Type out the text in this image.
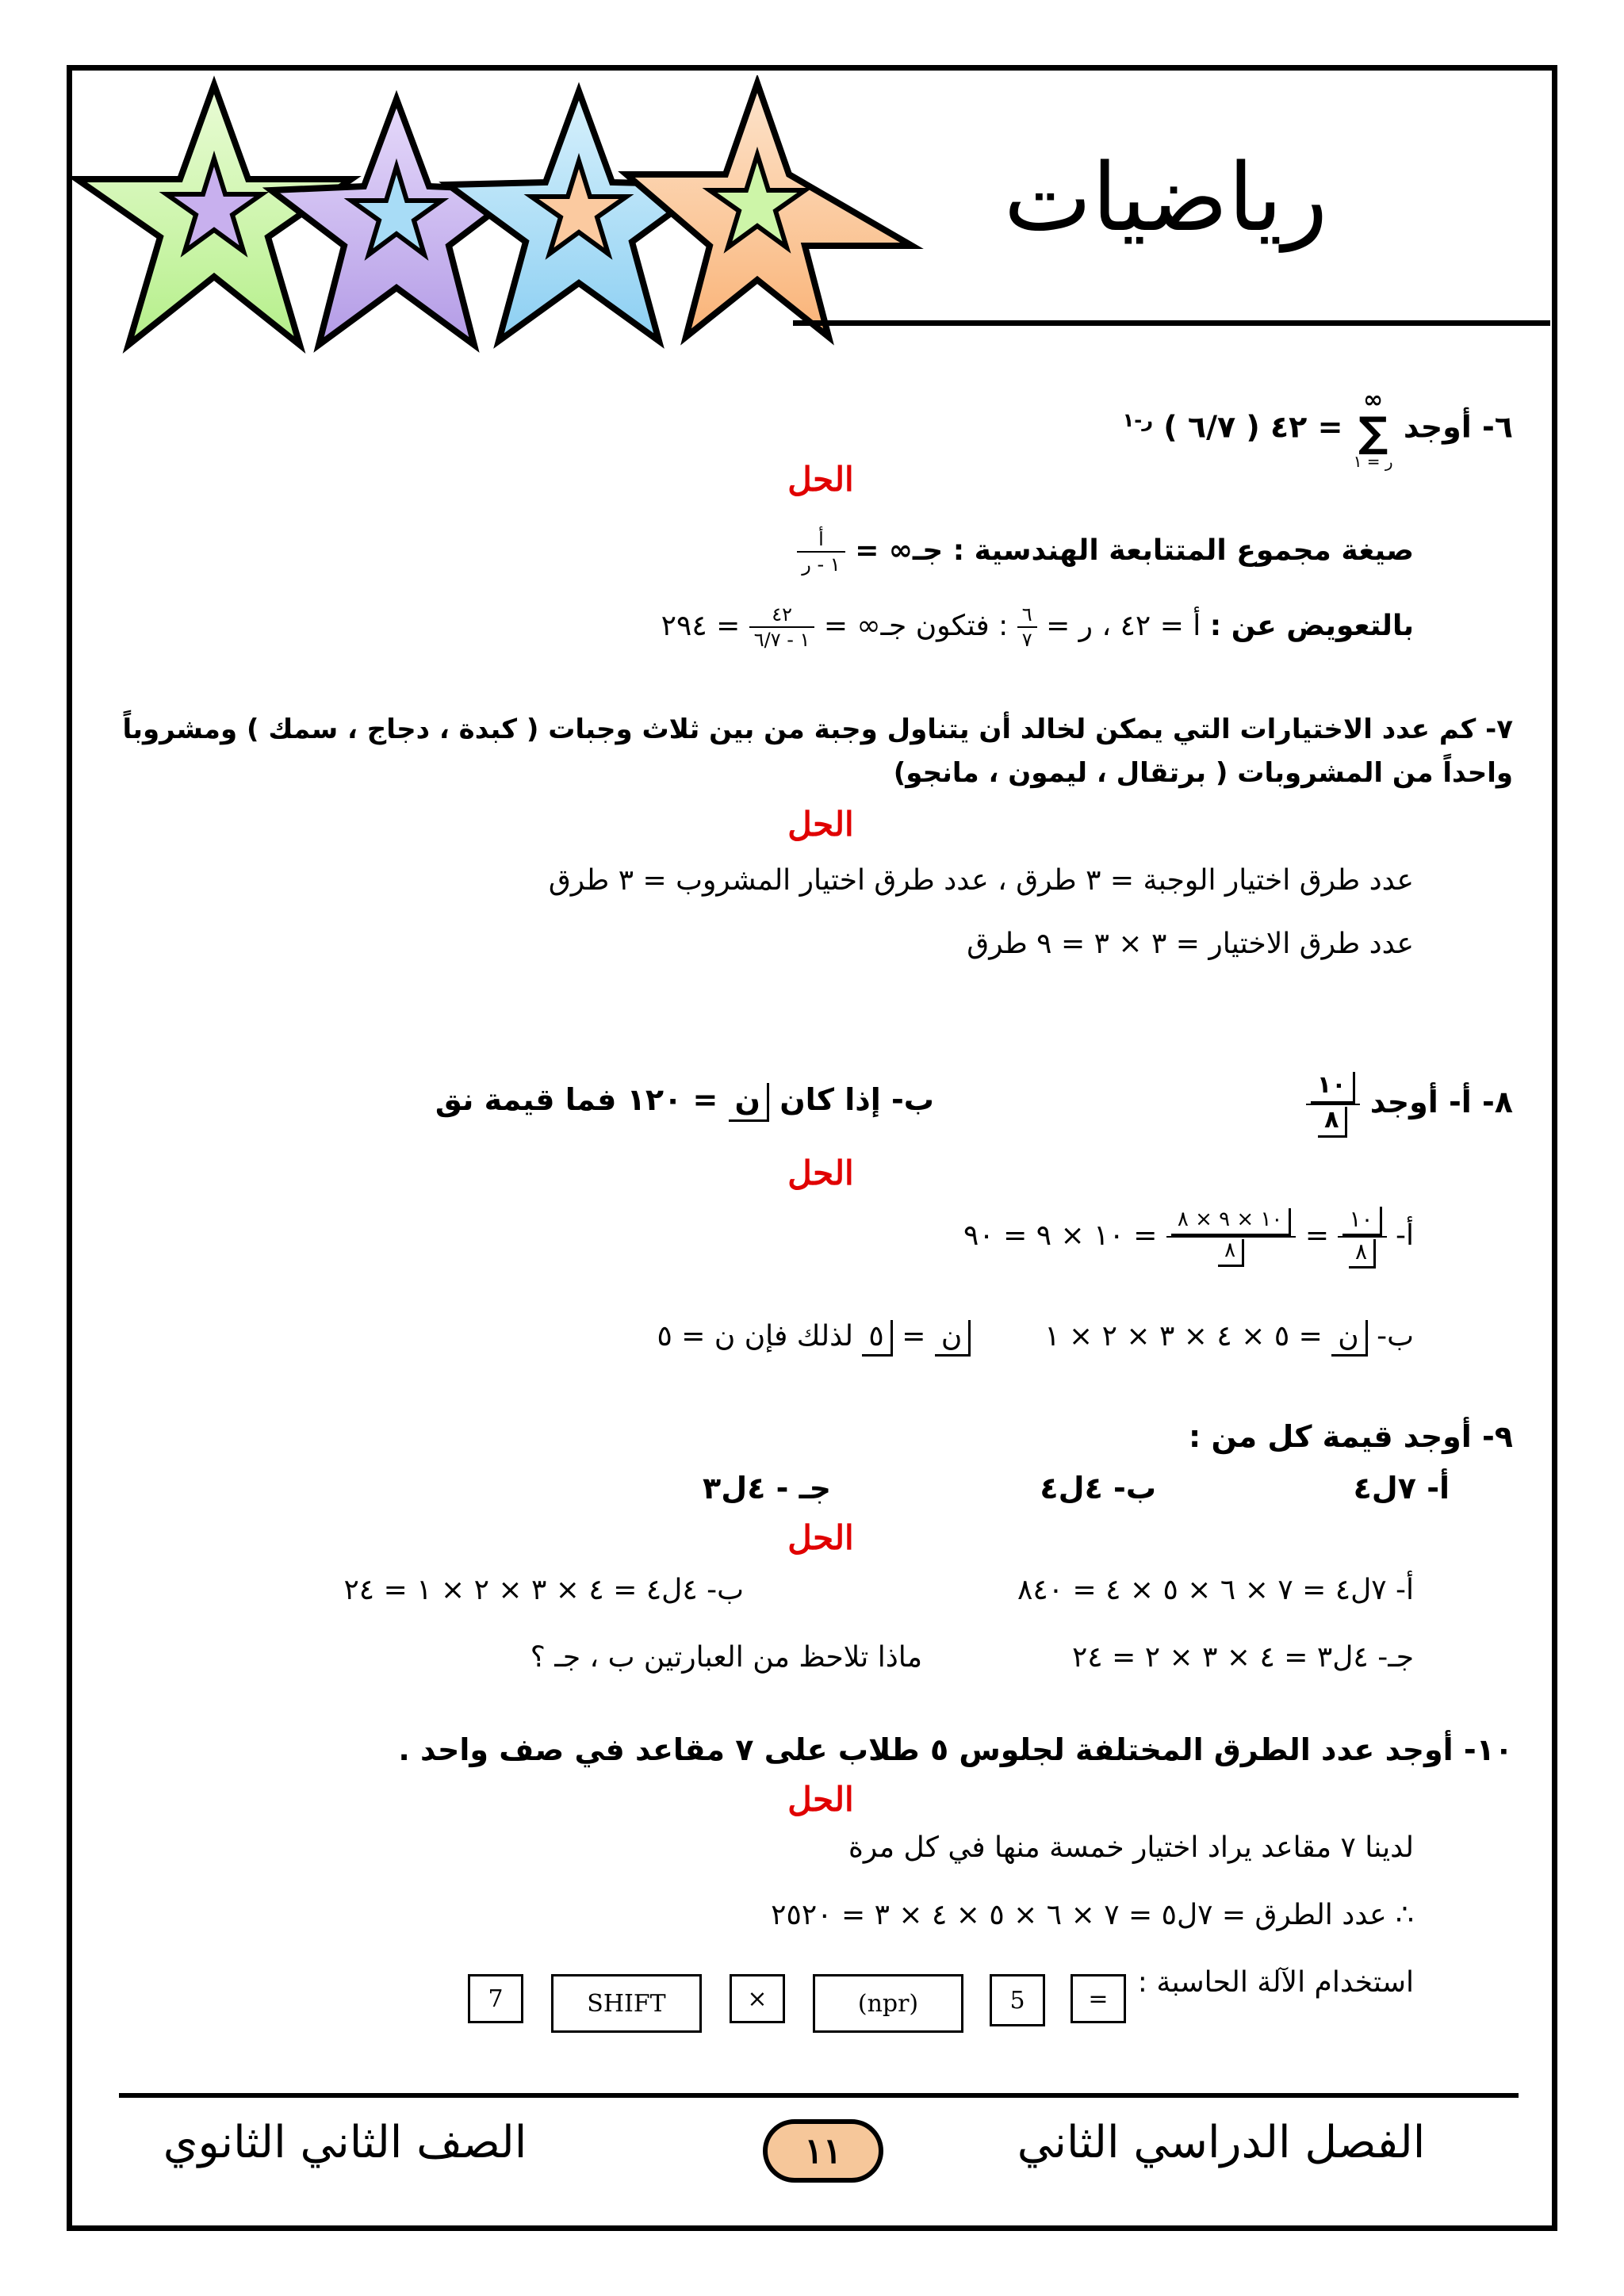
رياضيات
٦- أوجد
∞
∑
ر = ١
= ٤٢ ( ٦/٧ ) $^{ر-١}$
الحل
صيغة مجموع المتتابعة الهندسية : جـ∞ =
$\frac{\text{أ}}{\text{١ - ر}}$
بالتعويض عن : أ = ٤٢ ، ر =
$\frac{٦}{٧}$
: فتكون جـ∞ =
$\frac{٤٢}{١ - ٦/٧}$
= ٢٩٤
٧- كم عدد الاختيارات التي يمكن لخالد أن يتناول وجبة من بين ثلاث وجبات ( كبدة ، دجاج ، سمك ) ومشروباً
واحداً من المشروبات ( برتقال ، ليمون ، مانجو)
الحل
عدد طرق اختيار الوجبة = ٣ طرق ، عدد طرق اختيار المشروب = ٣ طرق
عدد طرق الاختيار = ٣ × ٣ = ٩ طرق
٨- أ- أوجد
$\frac{١٠}{٨}$
ب- إذا كان ن = ١٢٠ فما قيمة نق
الحل
أ-
$\frac{١٠}{٨}$
=
$\frac{١٠ \times ٩ \times ٨}{٨}$
= ١٠ × ٩ = ٩٠
ب- ن = ٥ × ٤ × ٣ × ٢ × ١  ن = ٥ لذلك فإن ن = ٥
٩- أوجد قيمة كل من :
أ- ٧ل٤
ب- ٤ل٤
جـ - ٤ل٣
الحل
أ- ٧ل٤ = ٧ × ٦ × ٥ × ٤ = ٨٤٠
ب- ٤ل٤ = ٤ × ٣ × ٢ × ١ = ٢٤
جـ- ٤ل٣ = ٤ × ٣ × ٢ = ٢٤
ماذا تلاحظ من العبارتين ب ، جـ ؟
١٠- أوجد عدد الطرق المختلفة لجلوس ٥ طلاب على ٧ مقاعد في صف واحد .
الحل
لدينا ٧ مقاعد يراد اختيار خمسة منها في كل مرة
∴ عدد الطرق = ٧ل٥ = ٧ × ٦ × ٥ × ٤ × ٣ = ٢٥٢٠
استخدام الآلة الحاسبة :
7	SHIFT	×	(npr)	5	=
الفصل الدراسي الثاني
١١
الصف الثاني الثانوي
